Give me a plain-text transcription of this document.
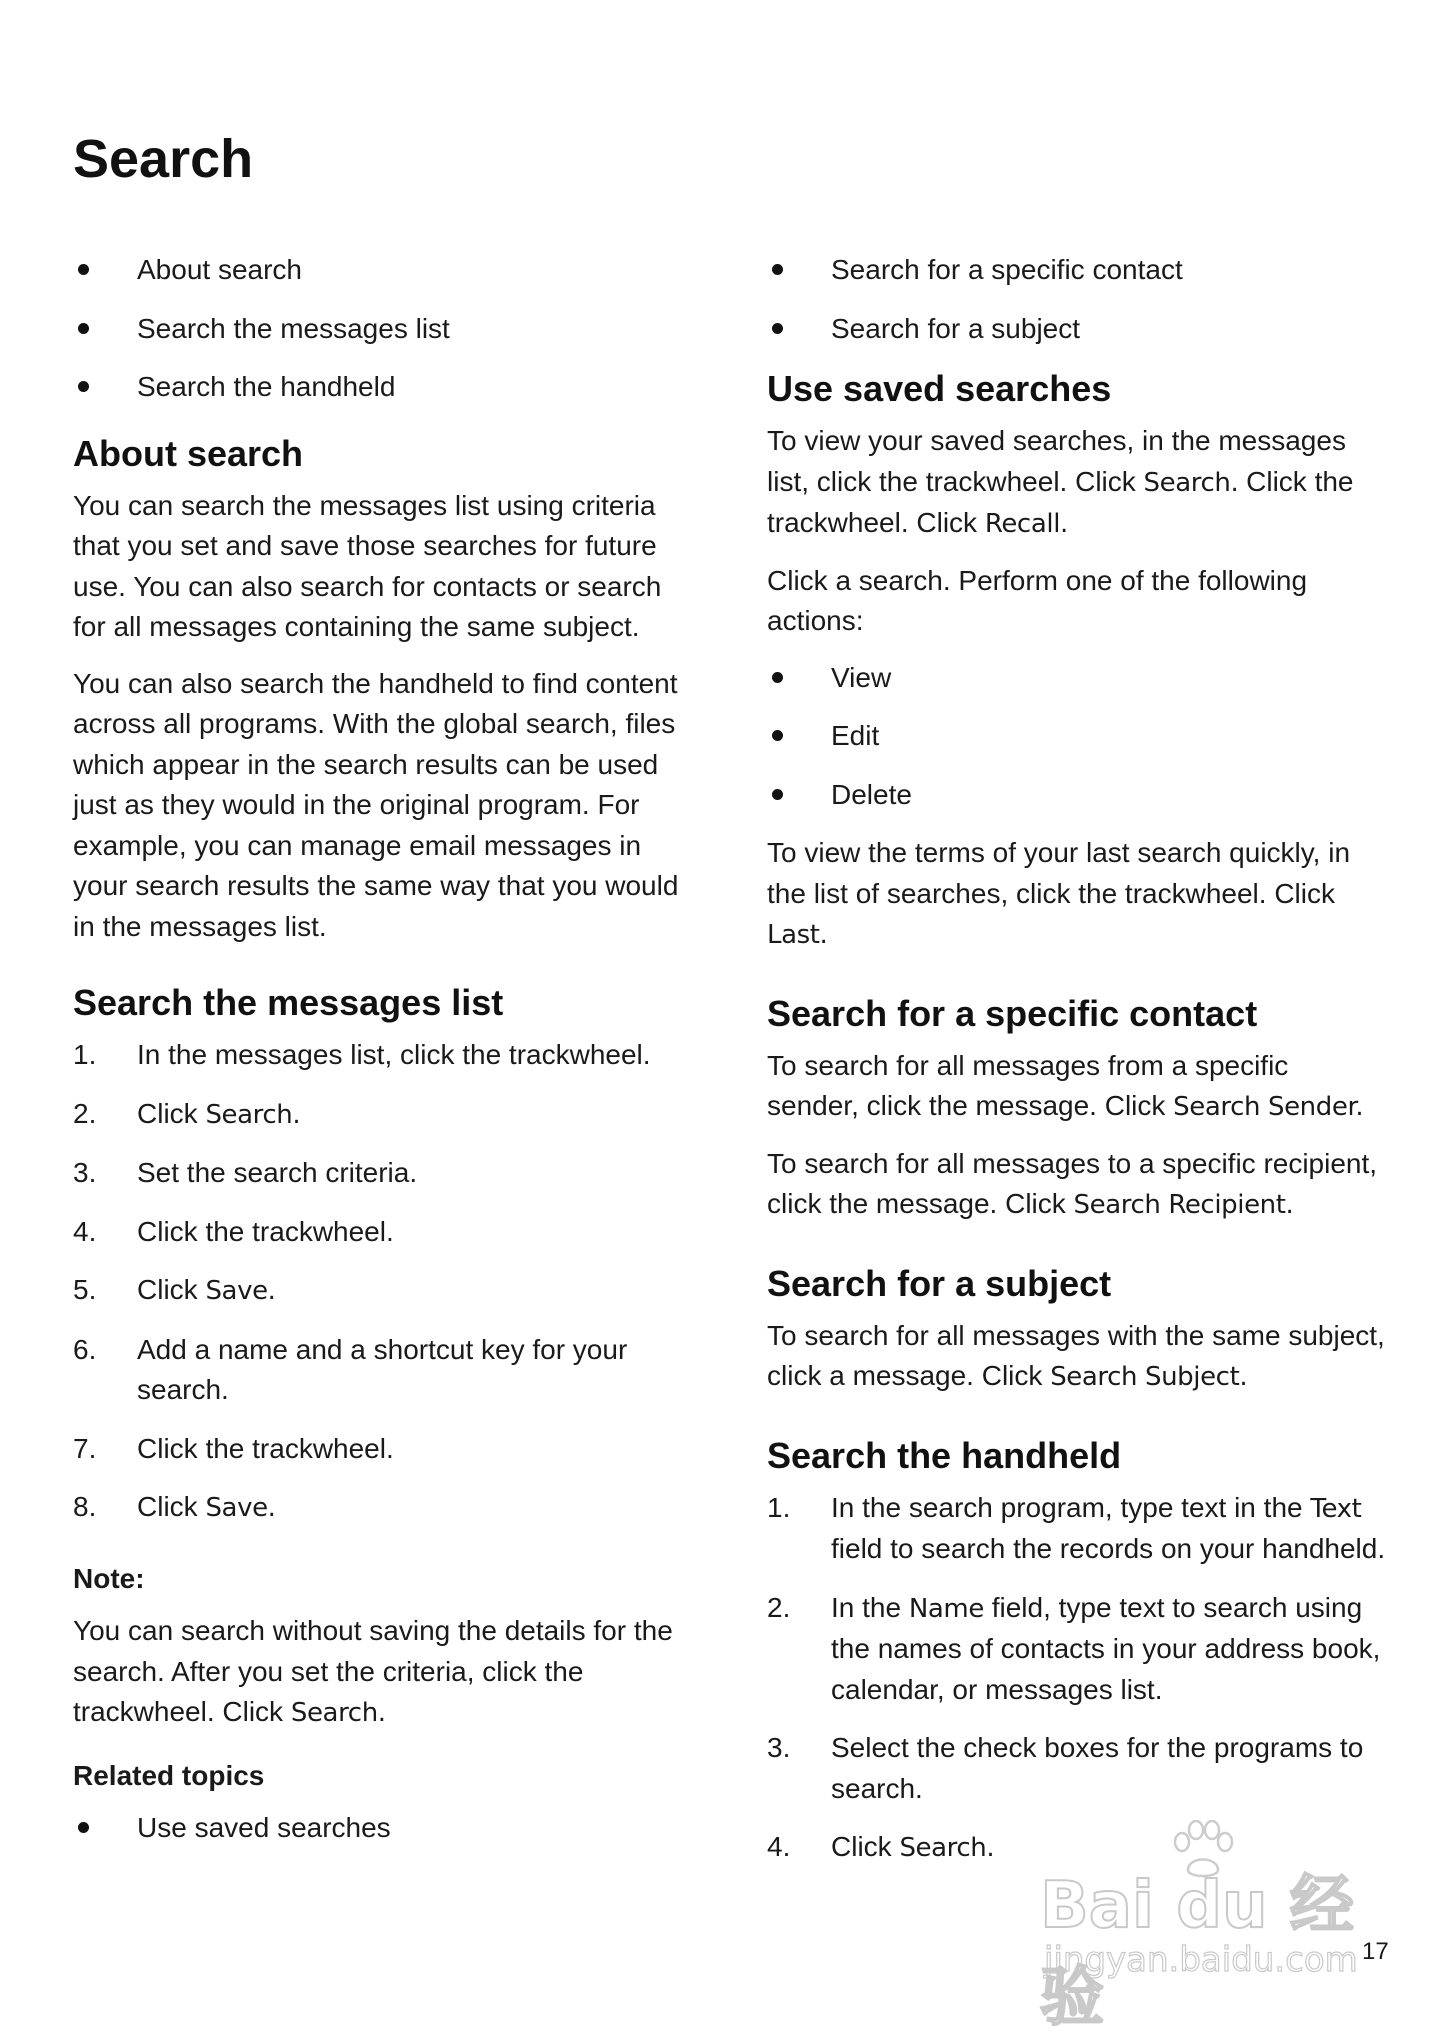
Search
About search
Search the messages list
Search the handheld
About search

You can search the messages list using criteria that you set and save those searches for future use. You can also search for contacts or search for all messages containing the same subject.

You can also search the handheld to find content across all programs. With the global search, files which appear in the search results can be used just as they would in the original program. For example, you can manage email messages in your search results the same way that you would in the messages list.

Search the messages list
1. In the messages list, click the trackwheel.
2. Click Search.
3. Set the search criteria.
4. Click the trackwheel.
5. Click Save.
6. Add a name and a shortcut key for your search.
7. Click the trackwheel.
8. Click Save.
Note:

You can search without saving the details for the search. After you set the criteria, click the trackwheel. Click Search.

Related topics
Use saved searches
Search for a specific contact
Search for a subject
Use saved searches

To view your saved searches, in the messages list, click the trackwheel. Click Search. Click the trackwheel. Click Recall.

Click a search. Perform one of the following actions:

View
Edit
Delete

To view the terms of your last search quickly, in the list of searches, click the trackwheel. Click Last.

Search for a specific contact

To search for all messages from a specific sender, click the message. Click Search Sender.

To search for all messages to a specific recipient, click the message. Click Search Recipient.

Search for a subject

To search for all messages with the same subject, click a message. Click Search Subject.

Search the handheld
1. In the search program, type text in the Text field to search the records on your handheld.
2. In the Name field, type text to search using the names of contacts in your address book, calendar, or messages list.
3. Select the check boxes for the programs to search.
4. Click Search.
Bai du 经验
jingyan.baidu.com 17
